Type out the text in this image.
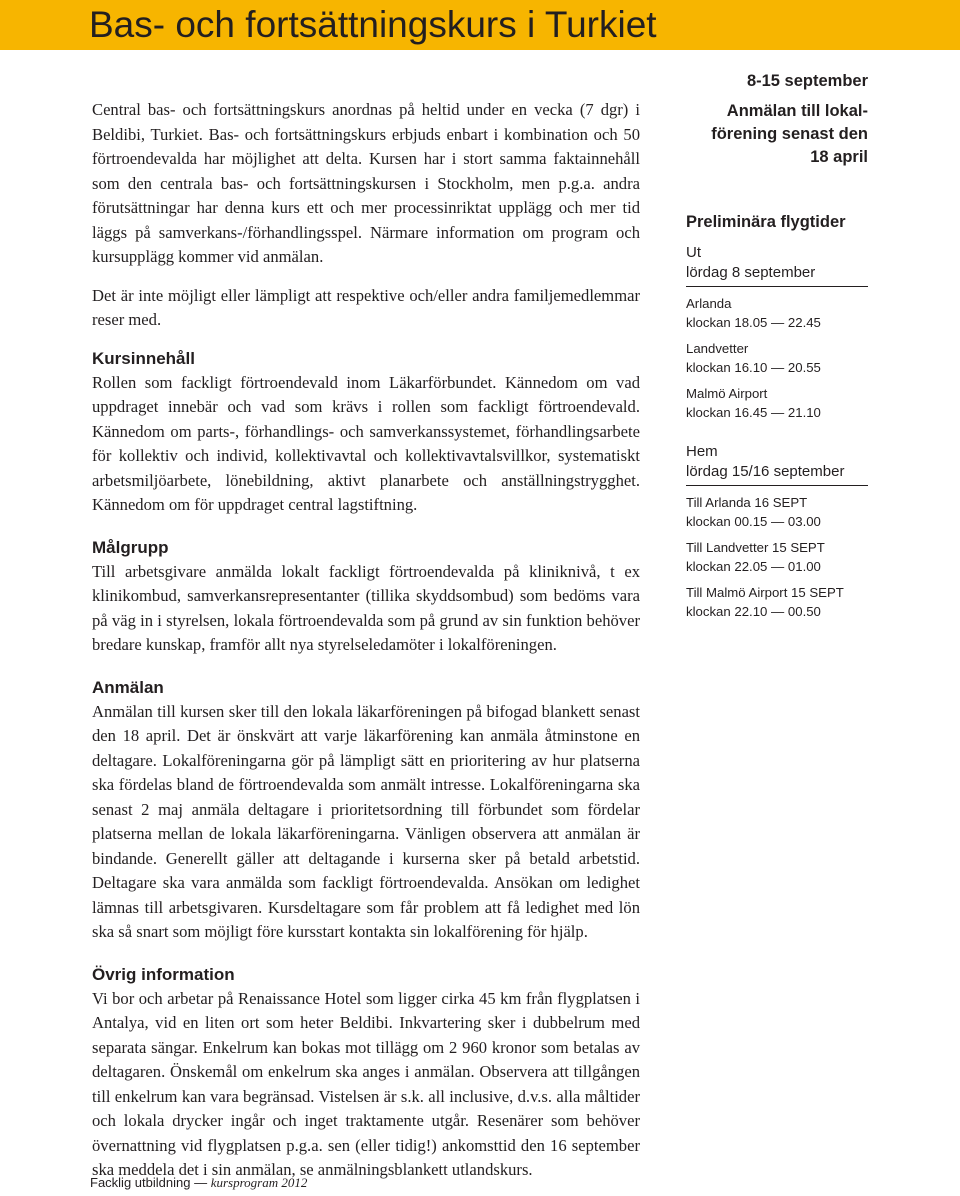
Bas- och fortsättningskurs i Turkiet

Central bas- och fortsättningskurs anordnas på heltid under en vecka (7 dgr) i Beldibi, Turkiet. Bas- och fortsättningskurs erbjuds enbart i kombination och 50 förtroendevalda har möjlighet att delta. Kursen har i stort samma faktainnehåll som den centrala bas- och fortsättningskursen i Stockholm, men p.g.a. andra förutsättningar har denna kurs ett och mer processinriktat upplägg och mer tid läggs på samverkans-/förhandlingsspel. Närmare information om program och kursupplägg kommer vid anmälan.

Det är inte möjligt eller lämpligt att respektive och/eller andra familjemedlemmar reser med.

Kursinnehåll

Rollen som fackligt förtroendevald inom Läkarförbundet. Kännedom om vad uppdraget innebär och vad som krävs i rollen som fackligt förtroendevald. Kännedom om parts-, förhandlings- och samverkanssystemet, förhandlingsarbete för kollektiv och individ, kollektivavtal och kollektivavtalsvillkor, systematiskt arbetsmiljöarbete, lönebildning, aktivt planarbete och anställningstrygghet. Kännedom om för uppdraget central lagstiftning.

Målgrupp

Till arbetsgivare anmälda lokalt fackligt förtroendevalda på kliniknivå, t ex klinikombud, samverkansrepresentanter (tillika skyddsombud) som bedöms vara på väg in i styrelsen, lokala förtroendevalda som på grund av sin funktion behöver bredare kunskap, framför allt nya styrelseledamöter i lokalföreningen.

Anmälan

Anmälan till kursen sker till den lokala läkarföreningen på bifogad blankett senast den 18 april. Det är önskvärt att varje läkarförening kan anmäla åtminstone en deltagare. Lokalföreningarna gör på lämpligt sätt en prioritering av hur platserna ska fördelas bland de förtroendevalda som anmält intresse. Lokalföreningarna ska senast 2 maj anmäla deltagare i prioritetsordning till förbundet som fördelar platserna mellan de lokala läkarföreningarna. Vänligen observera att anmälan är bindande. Generellt gäller att deltagande i kurserna sker på betald arbetstid. Deltagare ska vara anmälda som fackligt förtroendevalda. Ansökan om ledighet lämnas till arbetsgivaren. Kursdeltagare som får problem att få ledighet med lön ska så snart som möjligt före kursstart kontakta sin lokalförening för hjälp.

Övrig information

Vi bor och arbetar på Renaissance Hotel som ligger cirka 45 km från flygplatsen i Antalya, vid en liten ort som heter Beldibi. Inkvartering sker i dubbelrum med separata sängar. Enkelrum kan bokas mot tillägg om 2 960 kronor som betalas av deltagaren. Önskemål om enkelrum ska anges i anmälan. Observera att tillgången till enkelrum kan vara begränsad. Vistelsen är s.k. all inclusive, d.v.s. alla måltider och lokala drycker ingår och inget traktamente utgår. Resenärer som behöver övernattning vid flygplatsen p.g.a. sen (eller tidig!) ankomsttid den 16 september ska meddela det i sin anmälan, se anmälningsblankett utlandskurs.

8-15 september
Anmälan till lokal-
förening senast den
18 april
Preliminära flygtider
Ut
lördag 8 september
Arlanda
klockan 18.05 — 22.45
Landvetter
klockan 16.10 — 20.55
Malmö Airport
klockan 16.45 — 21.10
Hem
lördag 15/16 september
Till Arlanda 16 SEPT
klockan 00.15 — 03.00
Till Landvetter 15 SEPT
klockan 22.05 — 01.00
Till Malmö Airport 15 SEPT
klockan 22.10 — 00.50
Facklig utbildning — kursprogram 2012
